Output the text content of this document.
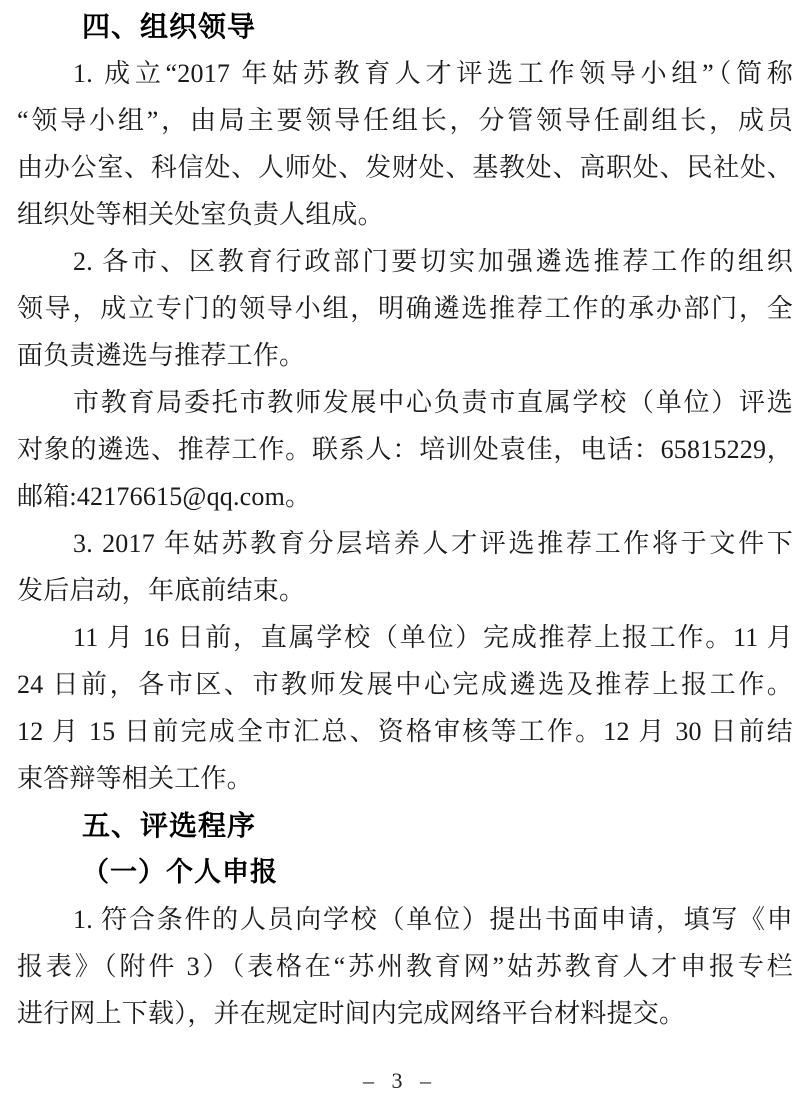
四、组织领导
1. 成立“2017 年姑苏教育人才评选工作领导小组”（简称
“领导小组”，由局主要领导任组长，分管领导任副组长，成员
由办公室、科信处、人师处、发财处、基教处、高职处、民社处、
组织处等相关处室负责人组成。
2. 各市、区教育行政部门要切实加强遴选推荐工作的组织
领导，成立专门的领导小组，明确遴选推荐工作的承办部门，全
面负责遴选与推荐工作。
市教育局委托市教师发展中心负责市直属学校（单位）评选
对象的遴选、推荐工作。联系人：培训处袁佳，电话：65815229，
邮箱:42176615@qq.com。
3. 2017 年姑苏教育分层培养人才评选推荐工作将于文件下
发后启动，年底前结束。
11 月 16 日前，直属学校（单位）完成推荐上报工作。11 月
24 日前，各市区、市教师发展中心完成遴选及推荐上报工作。
12 月 15 日前完成全市汇总、资格审核等工作。12 月 30 日前结
束答辩等相关工作。
五、评选程序
（一）个人申报
1. 符合条件的人员向学校（单位）提出书面申请，填写《申
报表》（附件 3）（表格在“苏州教育网”姑苏教育人才申报专栏
进行网上下载），并在规定时间内完成网络平台材料提交。
– 3 –
